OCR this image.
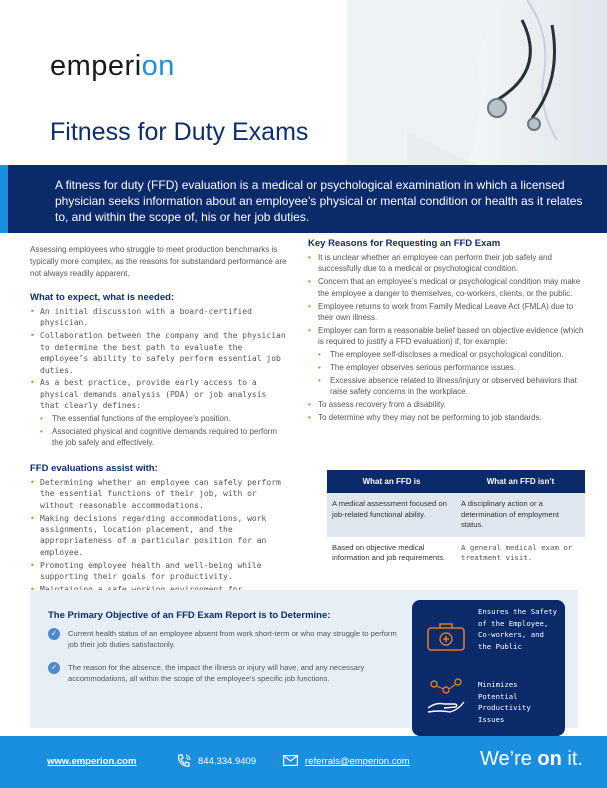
emperion
Fitness for Duty Exams
A fitness for duty (FFD) evaluation is a medical or psychological examination in which a licensed physician seeks information about an employee’s physical or mental condition or health as it relates to, and within the scope of, his or her job duties.

Assessing employees who struggle to meet production benchmarks is typically more complex, as the reasons for substandard performance are not always readily apparent.

What to expect, what is needed:
• An initial discussion with a board-certified physician.
• Collaboration between the company and the physician to determine the best path to evaluate the employee’s ability to safely perform essential job duties.
• As a best practice, provide early access to a physical demands analysis (PDA) or job analysis that clearly defines:
• The essential functions of the employee’s position.
• Associated physical and cognitive demands required to perform the job safely and effectively.
FFD evaluations assist with:
• Determining whether an employee can safely perform the essential functions of their job, with or without reasonable accommodations.
• Making decisions regarding accommodations, work assignments, location placement, and the appropriateness of a particular position for an employee.
• Promoting employee health and well-being while supporting their goals for productivity.
•
Key Reasons for Requesting an FFD Exam
• It is unclear whether an employee can perform their job safely and successfully due to a medical or psychological condition.
• Concern that an employee’s medical or psychological condition may make the employee a danger to themselves, co-workers, clients, or the public.
• Employee returns to work from Family Medical Leave Act (FMLA) due to their own illness.
• Employer can form a reasonable belief based on objective evidence (which is required to justify a FFD evaluation) if, for example:
• The employee self-discloses a medical or psychological condition.
• The employer observes serious performance issues.
• Excessive absence related to illness/injury or observed behaviors that raise safety concerns in the workplace.
• To assess recovery from a disability.
• To determine why they may not be performing to job standards.
What an FFD is	What an FFD isn’t
A medical assessment focused on job-related functional ability.	A disciplinary action or a determination of employment status.
Based on objective medical information and job requirements.	A general medical exam or treatment visit.
The Primary Objective of an FFD Exam Report is to Determine:
✓	Current health status of an employee absent from work short-term or who may struggle to perform job their job duties satisfactorily.
✓	The reason for the absence, the impact the illness or injury will have, and any necessary accommodations, all within the scope of the employee’s specific job functions.
Ensures the Safety of the Employee, Co-workers, and the Public
Minimizes Potential Productivity Issues
www.emperion.com	844.334.9409	referrals@emperion.com	We’re on it.
